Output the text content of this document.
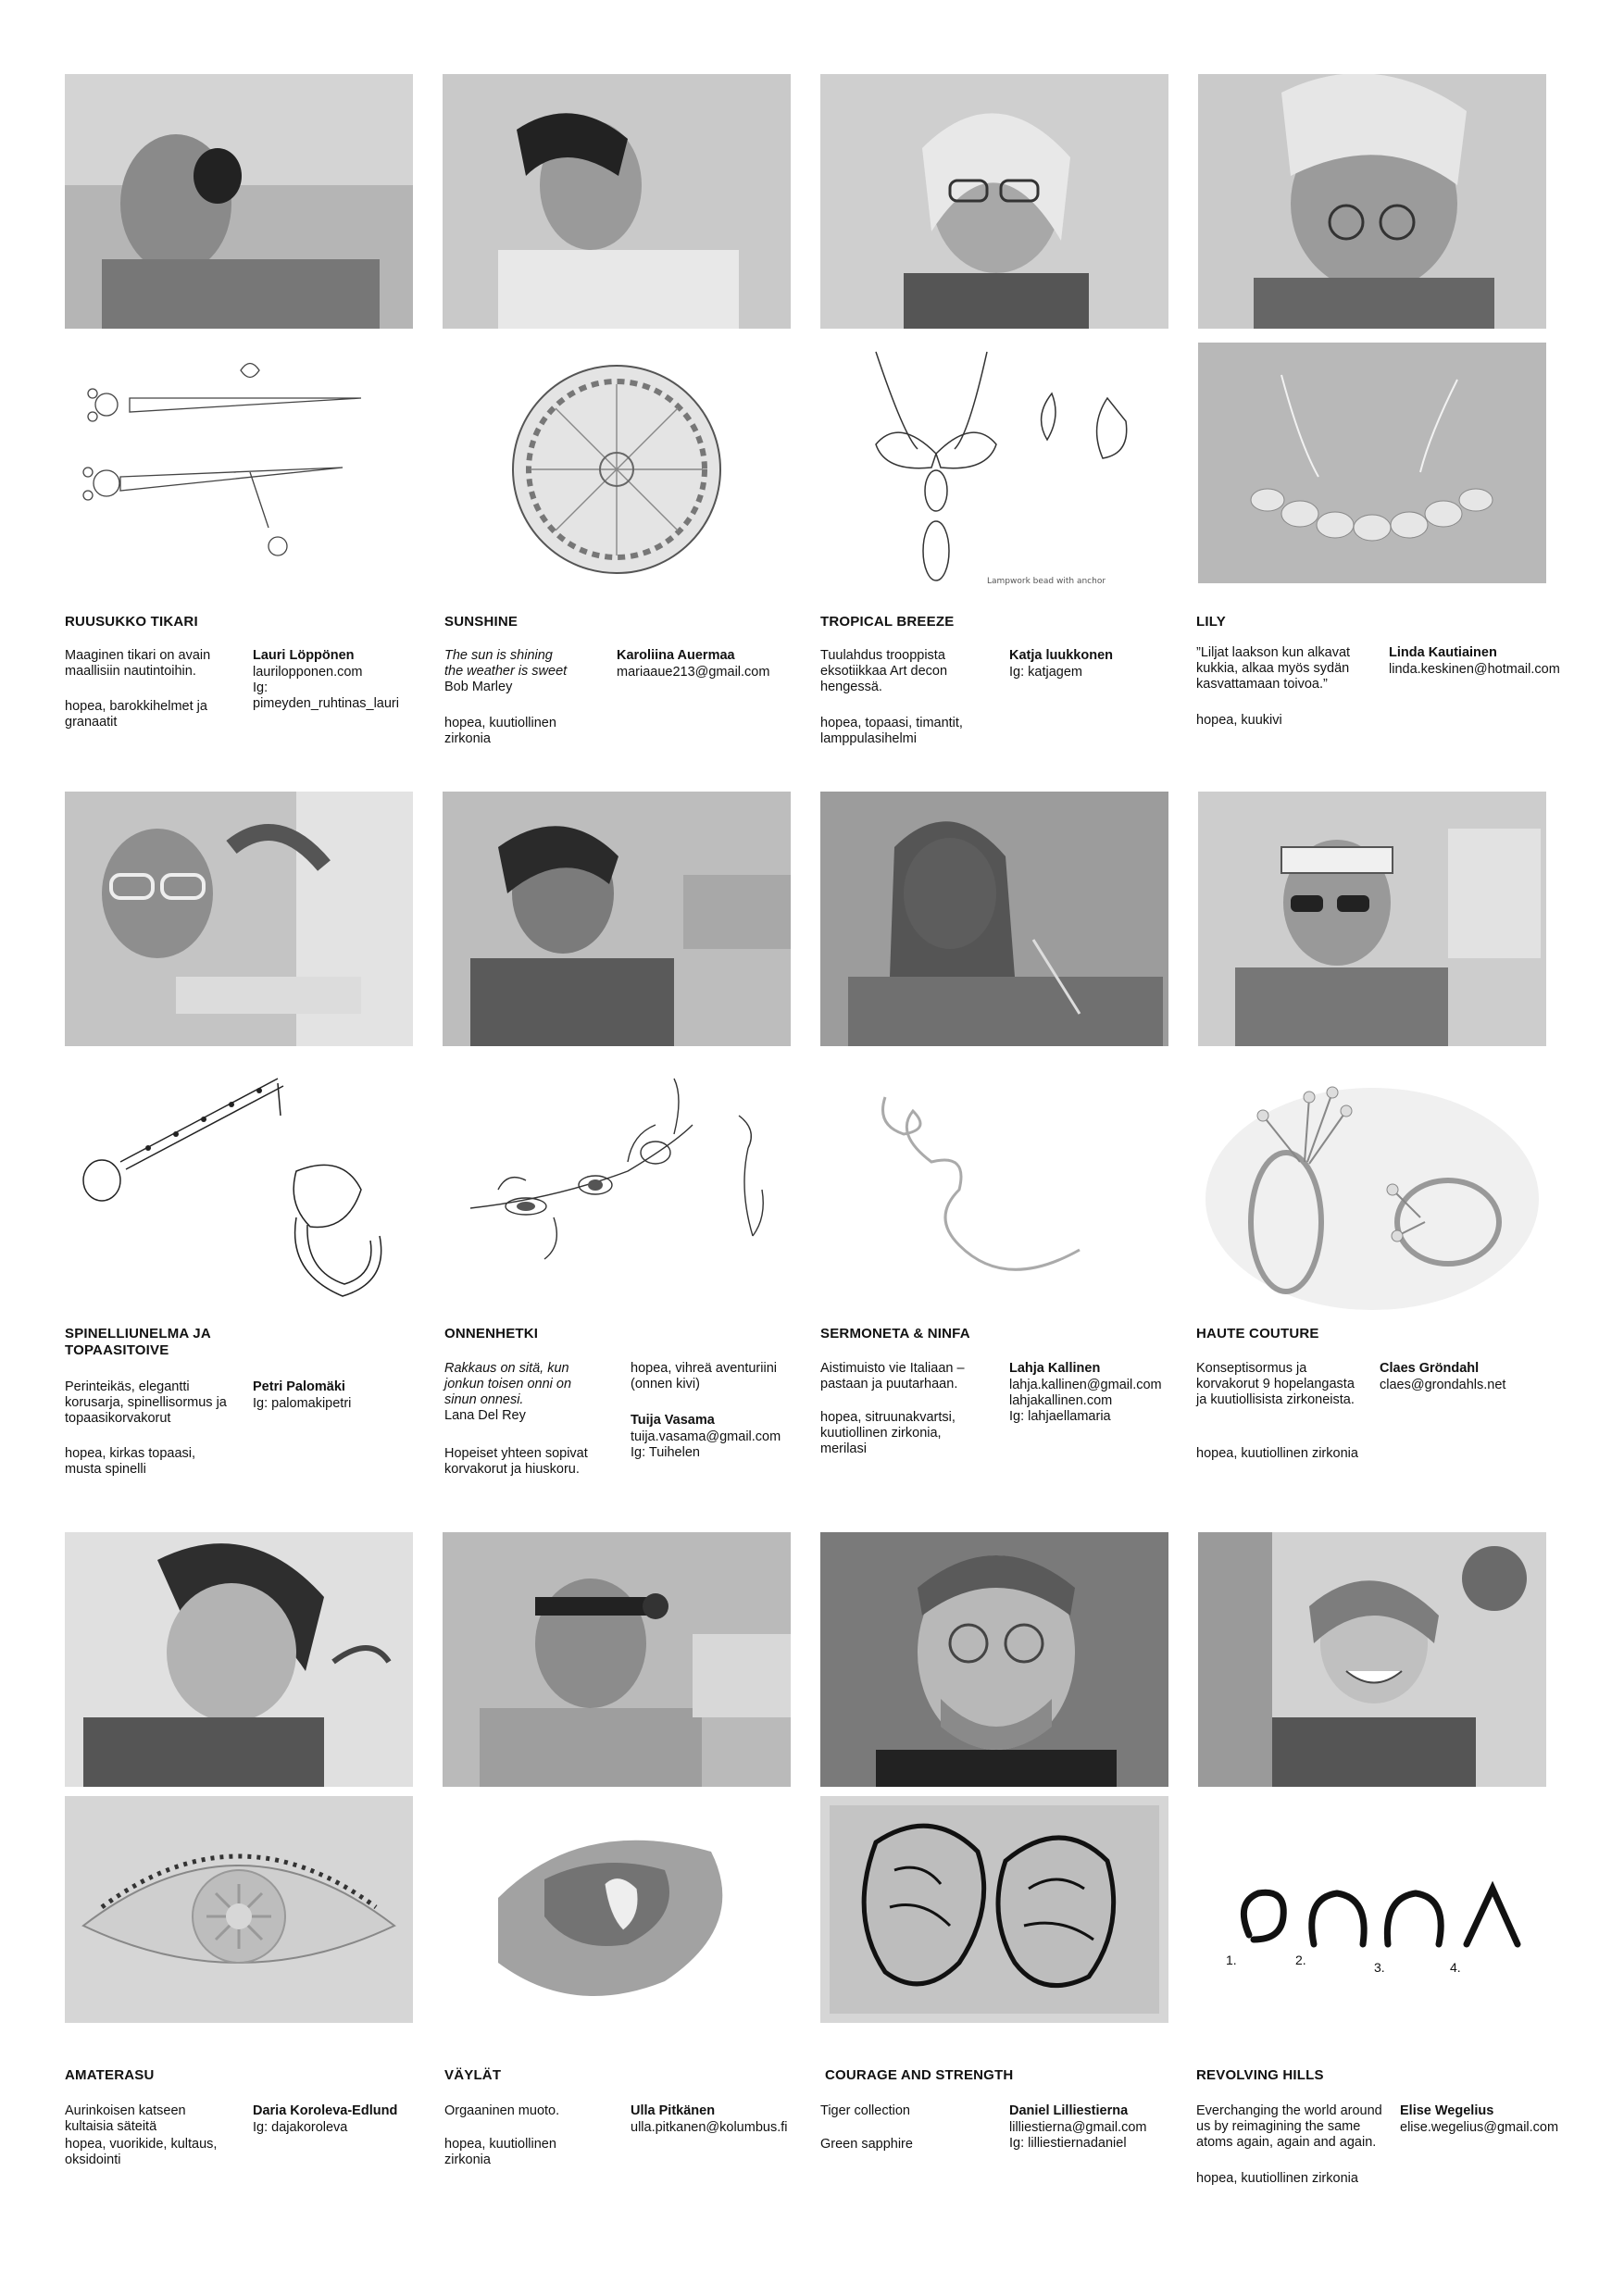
Lampwork bead with anchor
RUUSUKKO TIKARI
Maaginen tikari on avain maallisiin nautintoihin.
hopea, barokkihelmet ja granaatit
Lauri Löppönen
laurilopponen.com
Ig:
pimeyden_ruhtinas_lauri
SUNSHINE
The sun is shining
the weather is sweet
Bob Marley
hopea, kuutiollinen zirkonia
Karoliina Auermaa
mariaaue213@gmail.com
TROPICAL BREEZE
Tuulahdus trooppista eksotiikkaa Art decon hengessä.
hopea, topaasi, timantit, lamppulasihelmi
Katja luukkonen
Ig: katjagem
LILY
”Liljat laakson kun alkavat kukkia, alkaa myös sydän kasvattamaan toivoa.”
hopea, kuukivi
Linda Kautiainen
linda.keskinen@hotmail.com
SPINELLIUNELMA JA
TOPAASITOIVE
Perinteikäs, elegantti korusarja, spinellisormus ja topaasikorvakorut
hopea, kirkas topaasi, musta spinelli
Petri Palomäki
Ig: palomakipetri
ONNENHETKI
Rakkaus on sitä, kun jonkun toisen onni on sinun onnesi.
Lana Del Rey
Hopeiset yhteen sopivat korvakorut ja hiuskoru.
hopea, vihreä aventuriini (onnen kivi)
Tuija Vasama
tuija.vasama@gmail.com
Ig: Tuihelen
SERMONETA & NINFA
Aistimuisto vie Italiaan – pastaan ja puutarhaan.
hopea, sitruunakvartsi, kuutiollinen zirkonia, merilasi
Lahja Kallinen
lahja.kallinen@gmail.com
lahjakallinen.com
Ig: lahjaellamaria
HAUTE COUTURE
Konseptisormus ja korvakorut 9 hopelangasta ja kuutiollisista zirkoneista.
hopea, kuutiollinen zirkonia
Claes Gröndahl
claes@grondahls.net
1.	2.	3.	4.
AMATERASU
Aurinkoisen katseen kultaisia säteitä
hopea, vuorikide, kultaus, oksidointi
Daria Koroleva-Edlund
Ig: dajakoroleva
VÄYLÄT
Orgaaninen muoto.
hopea, kuutiollinen zirkonia
Ulla Pitkänen
ulla.pitkanen@kolumbus.fi
COURAGE AND STRENGTH
Tiger collection
Green sapphire
Daniel Lilliestierna
lilliestierna@gmail.com
Ig: lilliestiernadaniel
REVOLVING HILLS
Everchanging the world around us by reimagining the same atoms again, again and again.
hopea, kuutiollinen zirkonia
Elise Wegelius
elise.wegelius@gmail.com
